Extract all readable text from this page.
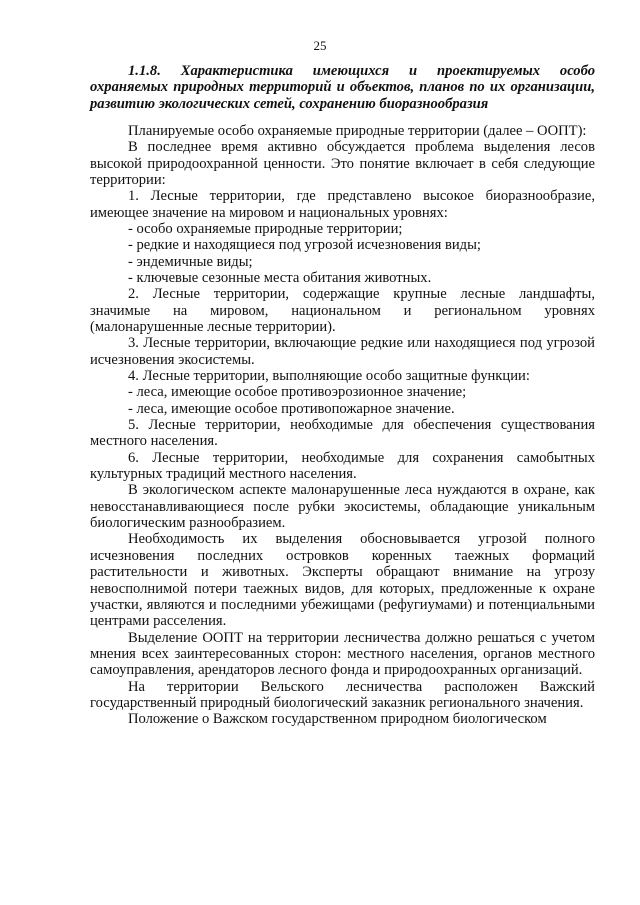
25

1.1.8. Характеристика имеющихся и проектируемых особо охраняемых природных территорий и объектов, планов по их организации, развитию экологических сетей, сохранению биоразнообразия

Планируемые особо охраняемые природные территории (далее – ООПТ):

В последнее время активно обсуждается проблема выделения лесов высокой природоохранной ценности. Это понятие включает в себя следующие территории:

1. Лесные территории, где представлено высокое биоразнообразие, имеющее значение на мировом и национальных уровнях:

- особо охраняемые природные территории;

- редкие и находящиеся под угрозой исчезновения виды;

- эндемичные виды;

- ключевые сезонные места обитания животных.

2. Лесные территории, содержащие крупные лесные ландшафты, значимые на мировом, национальном и региональном уровнях (малонарушенные лесные территории).

3. Лесные территории, включающие редкие или находящиеся под угрозой исчезновения экосистемы.

4. Лесные территории, выполняющие особо защитные функции:

- леса, имеющие особое противоэрозионное значение;

- леса, имеющие особое противопожарное значение.

5. Лесные территории, необходимые для обеспечения существования местного населения.

6. Лесные территории, необходимые для сохранения самобытных культурных традиций местного населения.

В экологическом аспекте малонарушенные леса нуждаются в охране, как невосстанавливающиеся после рубки экосистемы, обладающие уникальным биологическим разнообразием.

Необходимость их выделения обосновывается угрозой полного исчезновения последних островков коренных таежных формаций растительности и животных. Эксперты обращают внимание на угрозу невосполнимой потери таежных видов, для которых, предложенные к охране участки, являются и последними убежищами (рефугиумами) и потенциальными центрами расселения.

Выделение ООПТ на территории лесничества должно решаться с учетом мнения всех заинтересованных сторон: местного населения, органов местного самоуправления, арендаторов лесного фонда и природоохранных организаций.

На территории Вельского лесничества расположен Важский государственный природный биологический заказник регионального значения.

Положение о Важском государственном природном биологическом
